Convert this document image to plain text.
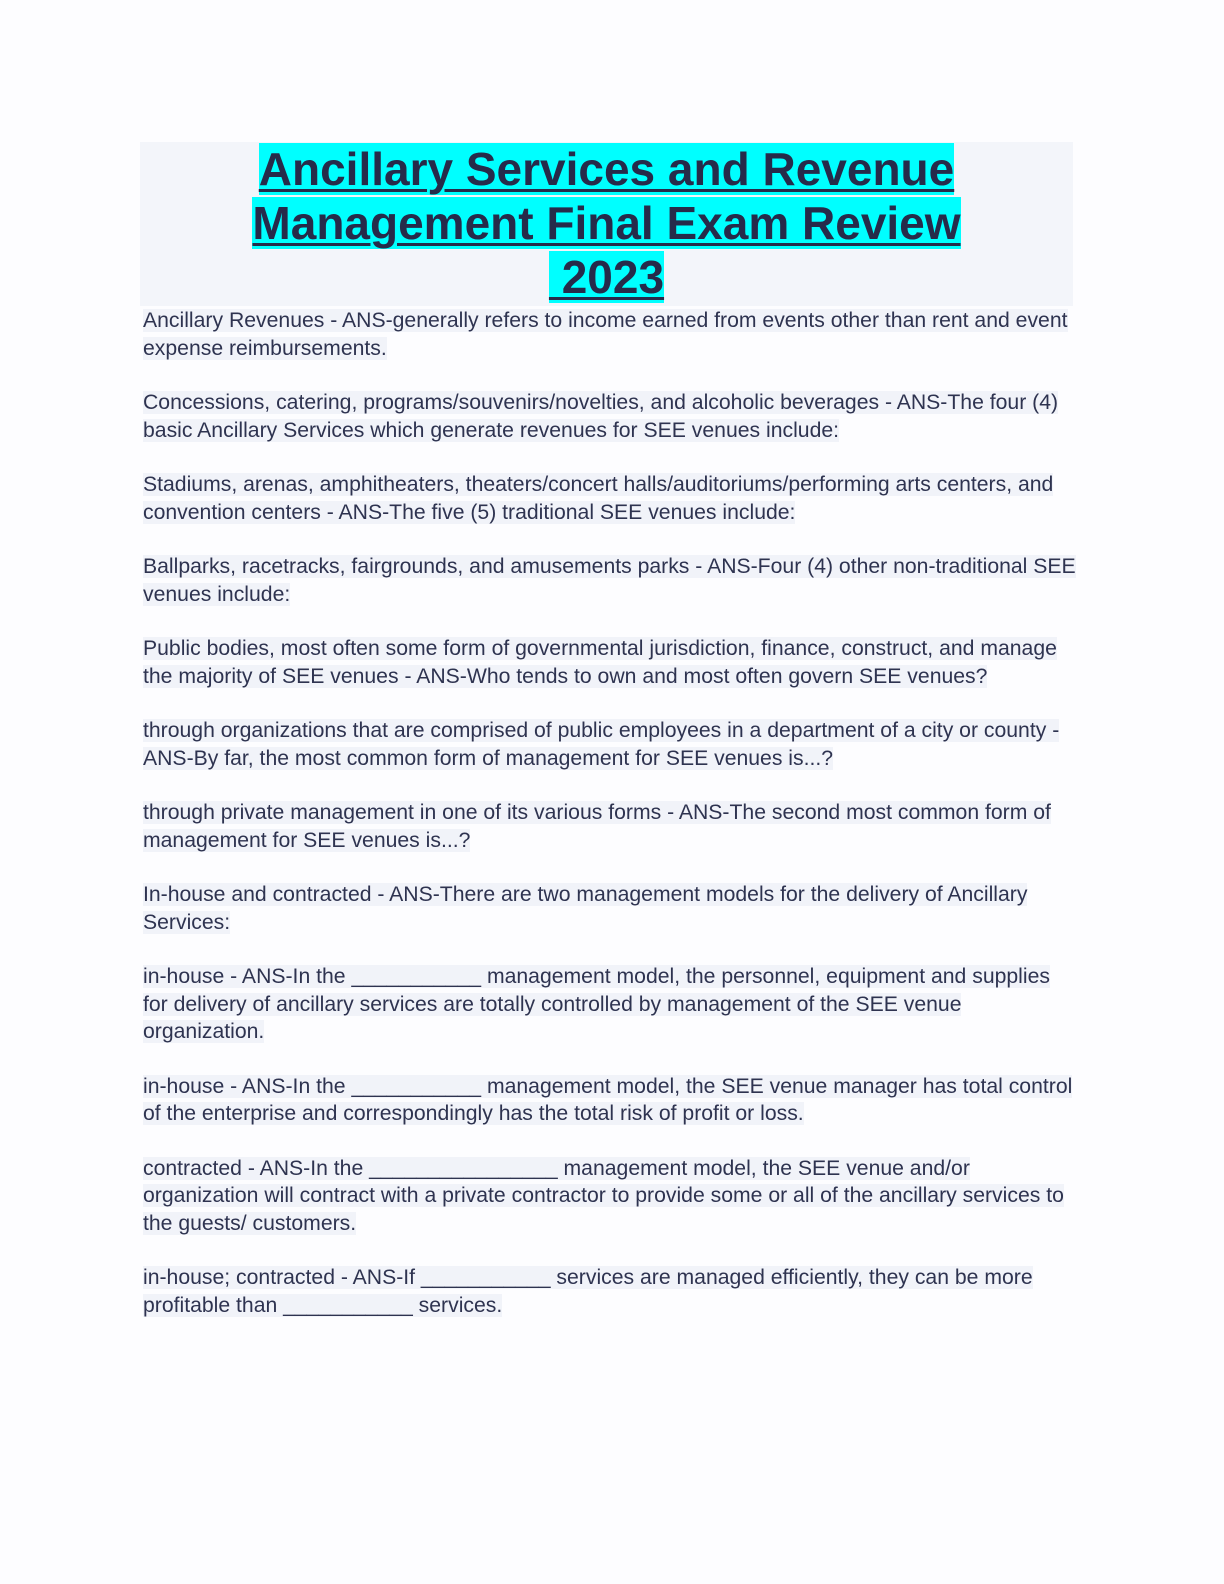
Ancillary Services and Revenue
Management Final Exam Review
2023

Ancillary Revenues - ANS-generally refers to income earned from events other than rent and event expense reimbursements.

Concessions, catering, programs/souvenirs/novelties, and alcoholic beverages - ANS-The four (4) basic Ancillary Services which generate revenues for SEE venues include:

Stadiums, arenas, amphitheaters, theaters/concert halls/auditoriums/performing arts centers, and convention centers - ANS-The five (5) traditional SEE venues include:

Ballparks, racetracks, fairgrounds, and amusements parks - ANS-Four (4) other non-traditional SEE venues include:

Public bodies, most often some form of governmental jurisdiction, finance, construct, and manage the majority of SEE venues - ANS-Who tends to own and most often govern SEE venues?

through organizations that are comprised of public employees in a department of a city or county - ANS-By far, the most common form of management for SEE venues is...?

through private management in one of its various forms - ANS-The second most common form of management for SEE venues is...?

In-house and contracted - ANS-There are two management models for the delivery of Ancillary Services:

in-house - ANS-In the ___________ management model, the personnel, equipment and supplies for delivery of ancillary services are totally controlled by management of the SEE venue organization.

in-house - ANS-In the ___________ management model, the SEE venue manager has total control of the enterprise and correspondingly has the total risk of profit or loss.

contracted - ANS-In the ________________ management model, the SEE venue and/or organization will contract with a private contractor to provide some or all of the ancillary services to the guests/ customers.

in-house; contracted - ANS-If ___________ services are managed efficiently, they can be more profitable than ___________ services.
